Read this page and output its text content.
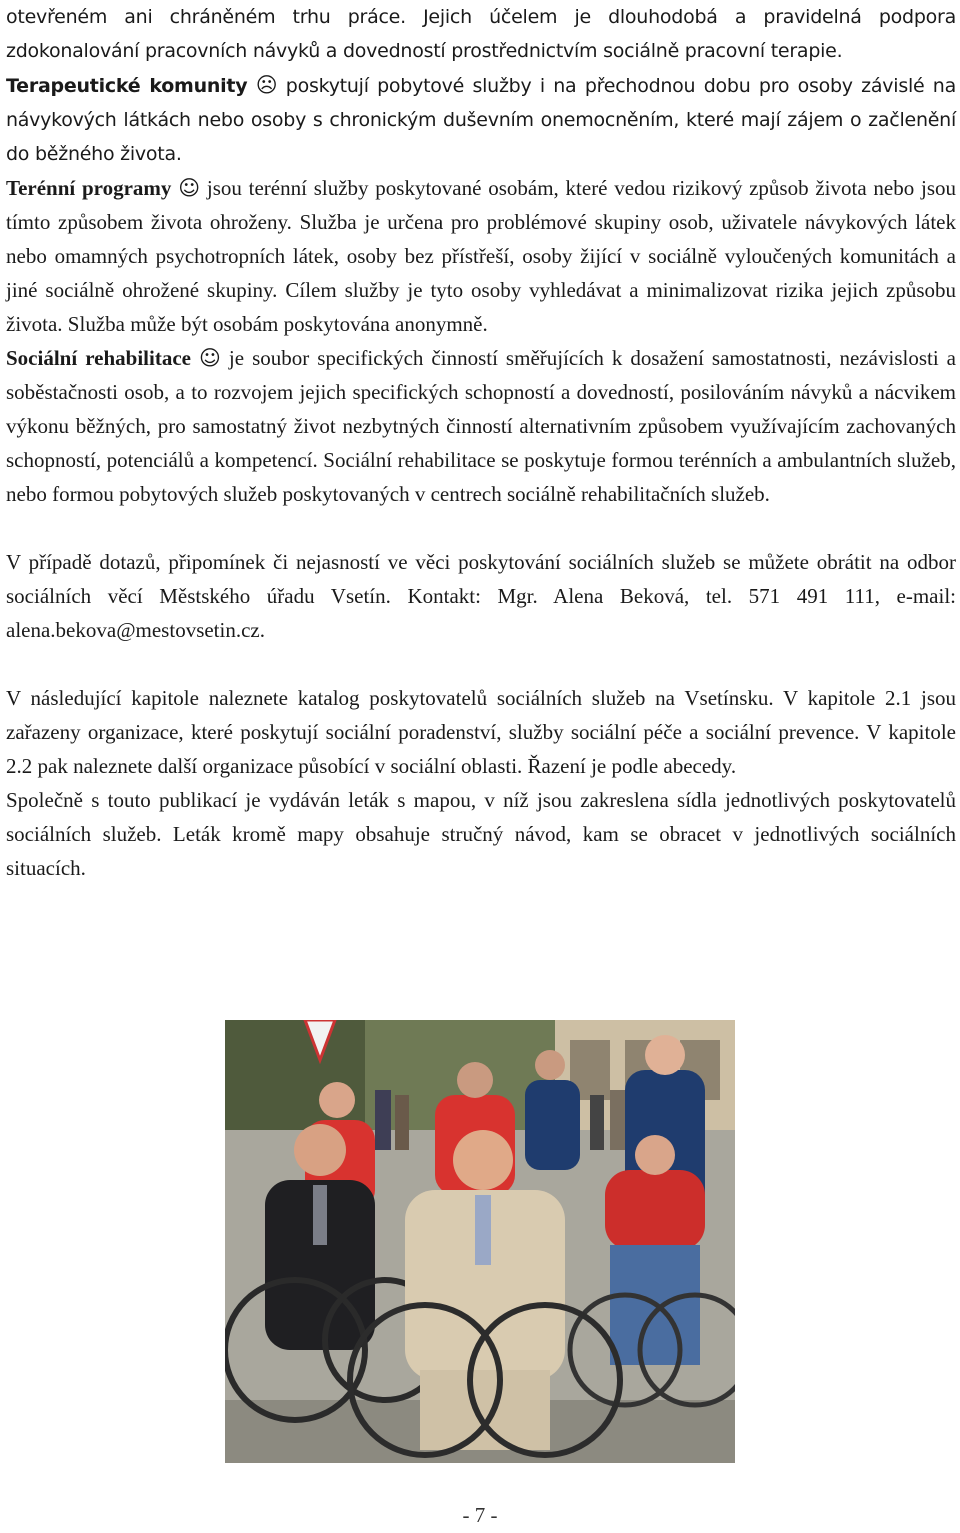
otevřeném ani chráněném trhu práce. Jejich účelem je dlouhodobá a pravidelná podpora zdokonalování pracovních návyků a dovedností prostřednictvím sociálně pracovní terapie.

Terapeutické komunity ☹ poskytují pobytové služby i na přechodnou dobu pro osoby závislé na návykových látkách nebo osoby s chronickým duševním onemocněním, které mají zájem o začlenění do běžného života.

Terénní programy ☺ jsou terénní služby poskytované osobám, které vedou rizikový způsob života nebo jsou tímto způsobem života ohroženy. Služba je určena pro problémové skupiny osob, uživatele návykových látek nebo omamných psychotropních látek, osoby bez přístřeší, osoby žijící v sociálně vyloučených komunitách a jiné sociálně ohrožené skupiny. Cílem služby je tyto osoby vyhledávat a minimalizovat rizika jejich způsobu života. Služba může být osobám poskytována anonymně.

Sociální rehabilitace ☺ je soubor specifických činností směřujících k dosažení samostatnosti, nezávislosti a soběstačnosti osob, a to rozvojem jejich specifických schopností a dovedností, posilováním návyků a nácvikem výkonu běžných, pro samostatný život nezbytných činností alternativním způsobem využívajícím zachovaných schopností, potenciálů a kompetencí. Sociální rehabilitace se poskytuje formou terénních a ambulantních služeb, nebo formou pobytových služeb poskytovaných v centrech sociálně rehabilitačních služeb.

V případě dotazů, připomínek či nejasností ve věci poskytování sociálních služeb se můžete obrátit na odbor sociálních věcí Městského úřadu Vsetín. Kontakt: Mgr. Alena Beková, tel. 571 491 111, e-mail: alena.bekova@mestovsetin.cz.

V následující kapitole naleznete katalog poskytovatelů sociálních služeb na Vsetínsku. V kapitole 2.1 jsou zařazeny organizace, které poskytují sociální poradenství, služby sociální péče a sociální prevence. V kapitole 2.2 pak naleznete další organizace působící v sociální oblasti. Řazení je podle abecedy.

Společně s touto publikací je vydáván leták s mapou, v níž jsou zakreslena sídla jednotlivých poskytovatelů sociálních služeb. Leták kromě mapy obsahuje stručný návod, kam se obracet v jednotlivých sociálních situacích.

- 7 -
